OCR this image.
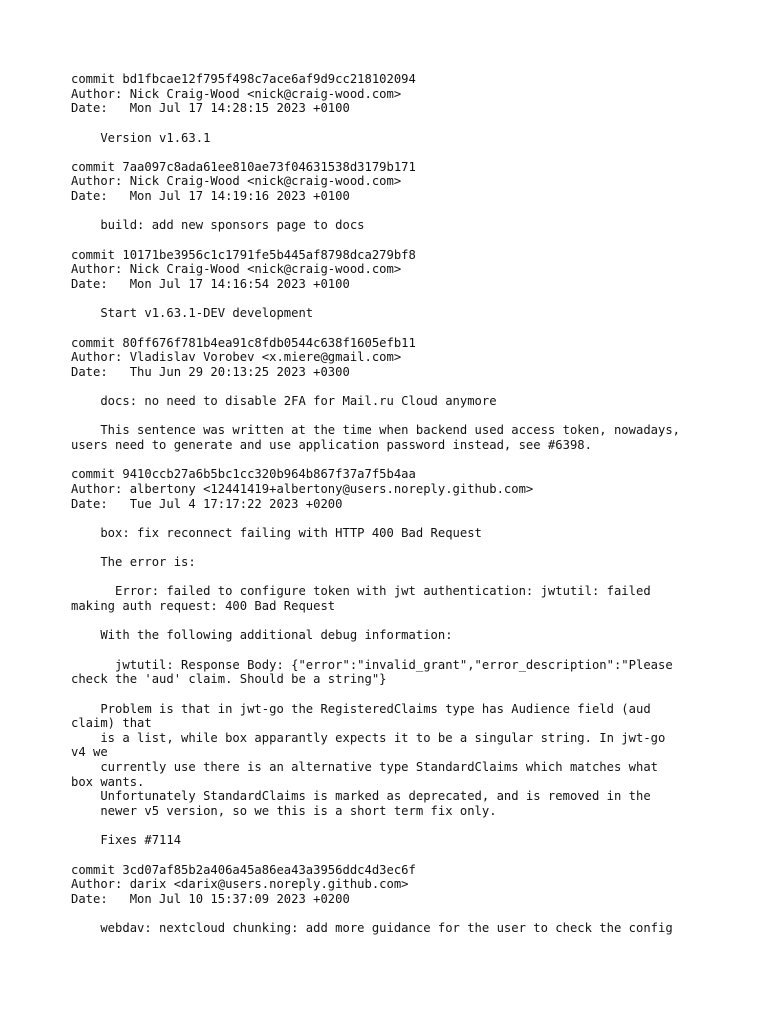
commit bd1fbcae12f795f498c7ace6af9d9cc218102094
Author: Nick Craig-Wood <nick@craig-wood.com>
Date:   Mon Jul 17 14:28:15 2023 +0100
Version v1.63.1
commit 7aa097c8ada61ee810ae73f04631538d3179b171
Author: Nick Craig-Wood <nick@craig-wood.com>
Date:   Mon Jul 17 14:19:16 2023 +0100
build: add new sponsors page to docs
commit 10171be3956c1c1791fe5b445af8798dca279bf8
Author: Nick Craig-Wood <nick@craig-wood.com>
Date:   Mon Jul 17 14:16:54 2023 +0100
Start v1.63.1-DEV development
commit 80ff676f781b4ea91c8fdb0544c638f1605efb11
Author: Vladislav Vorobev <x.miere@gmail.com>
Date:   Thu Jun 29 20:13:25 2023 +0300
docs: no need to disable 2FA for Mail.ru Cloud anymore
This sentence was written at the time when backend used access token, nowadays,
users need to generate and use application password instead, see #6398.
commit 9410ccb27a6b5bc1cc320b964b867f37a7f5b4aa
Author: albertony <12441419+albertony@users.noreply.github.com>
Date:   Tue Jul 4 17:17:22 2023 +0200
box: fix reconnect failing with HTTP 400 Bad Request
The error is:
Error: failed to configure token with jwt authentication: jwtutil: failed
making auth request: 400 Bad Request
With the following additional debug information:
jwtutil: Response Body: {"error":"invalid_grant","error_description":"Please
check the 'aud' claim. Should be a string"}
Problem is that in jwt-go the RegisteredClaims type has Audience field (aud
claim) that
is a list, while box apparantly expects it to be a singular string. In jwt-go
v4 we
currently use there is an alternative type StandardClaims which matches what
box wants.
Unfortunately StandardClaims is marked as deprecated, and is removed in the
newer v5 version, so we this is a short term fix only.
Fixes #7114
commit 3cd07af85b2a406a45a86ea43a3956ddc4d3ec6f
Author: darix <darix@users.noreply.github.com>
Date:   Mon Jul 10 15:37:09 2023 +0200
webdav: nextcloud chunking: add more guidance for the user to check the config
